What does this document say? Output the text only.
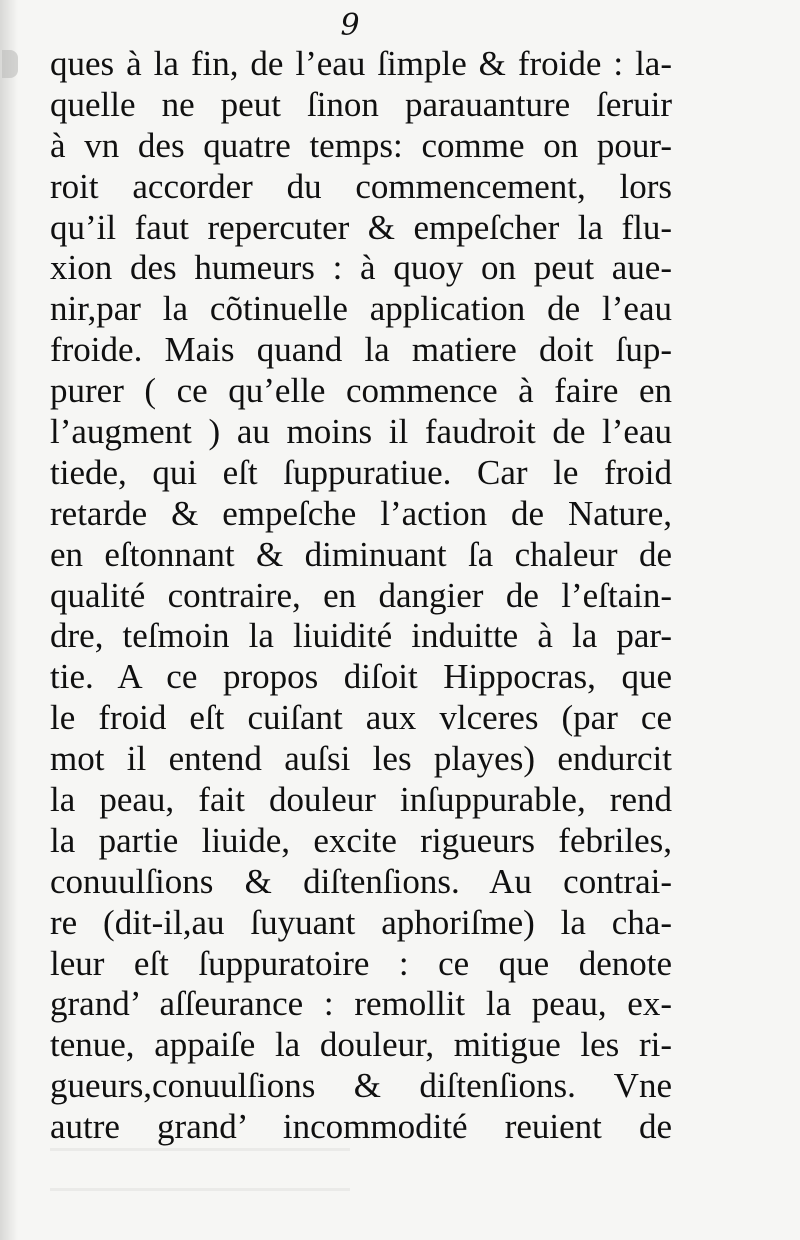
9
ques à la fin, de l’eau ſimple & froide : la-
quelle ne peut ſinon parauanture ſeruir
à vn des quatre temps: comme on pour-
roit accorder du commencement, lors
qu’il faut repercuter & empeſcher la flu-
xion des humeurs : à quoy on peut aue-
nir,par la cõtinuelle application de l’eau
froide. Mais quand la matiere doit ſup-
purer ( ce qu’elle commence à faire en
l’augment ) au moins il faudroit de l’eau
tiede, qui eſt ſuppuratiue. Car le froid
retarde & empeſche l’action de Nature,
en eſtonnant & diminuant ſa chaleur de
qualité contraire, en dangier de l’eſtain-
dre, teſmoin la liuidité induitte à la par-
tie. A ce propos diſoit Hippocras, que
le froid eſt cuiſant aux vlceres (par ce
mot il entend auſsi les playes) endurcit
la peau, fait douleur inſuppurable, rend
la partie liuide, excite rigueurs febriles,
conuulſions & diſtenſions. Au contrai-
re (dit-il,au ſuyuant aphoriſme) la cha-
leur eſt ſuppuratoire : ce que denote
grand’ aſſeurance : remollit la peau, ex-
tenue, appaiſe la douleur, mitigue les ri-
gueurs,conuulſions & diſtenſions. Vne
autre grand’ incommodité reuient de
